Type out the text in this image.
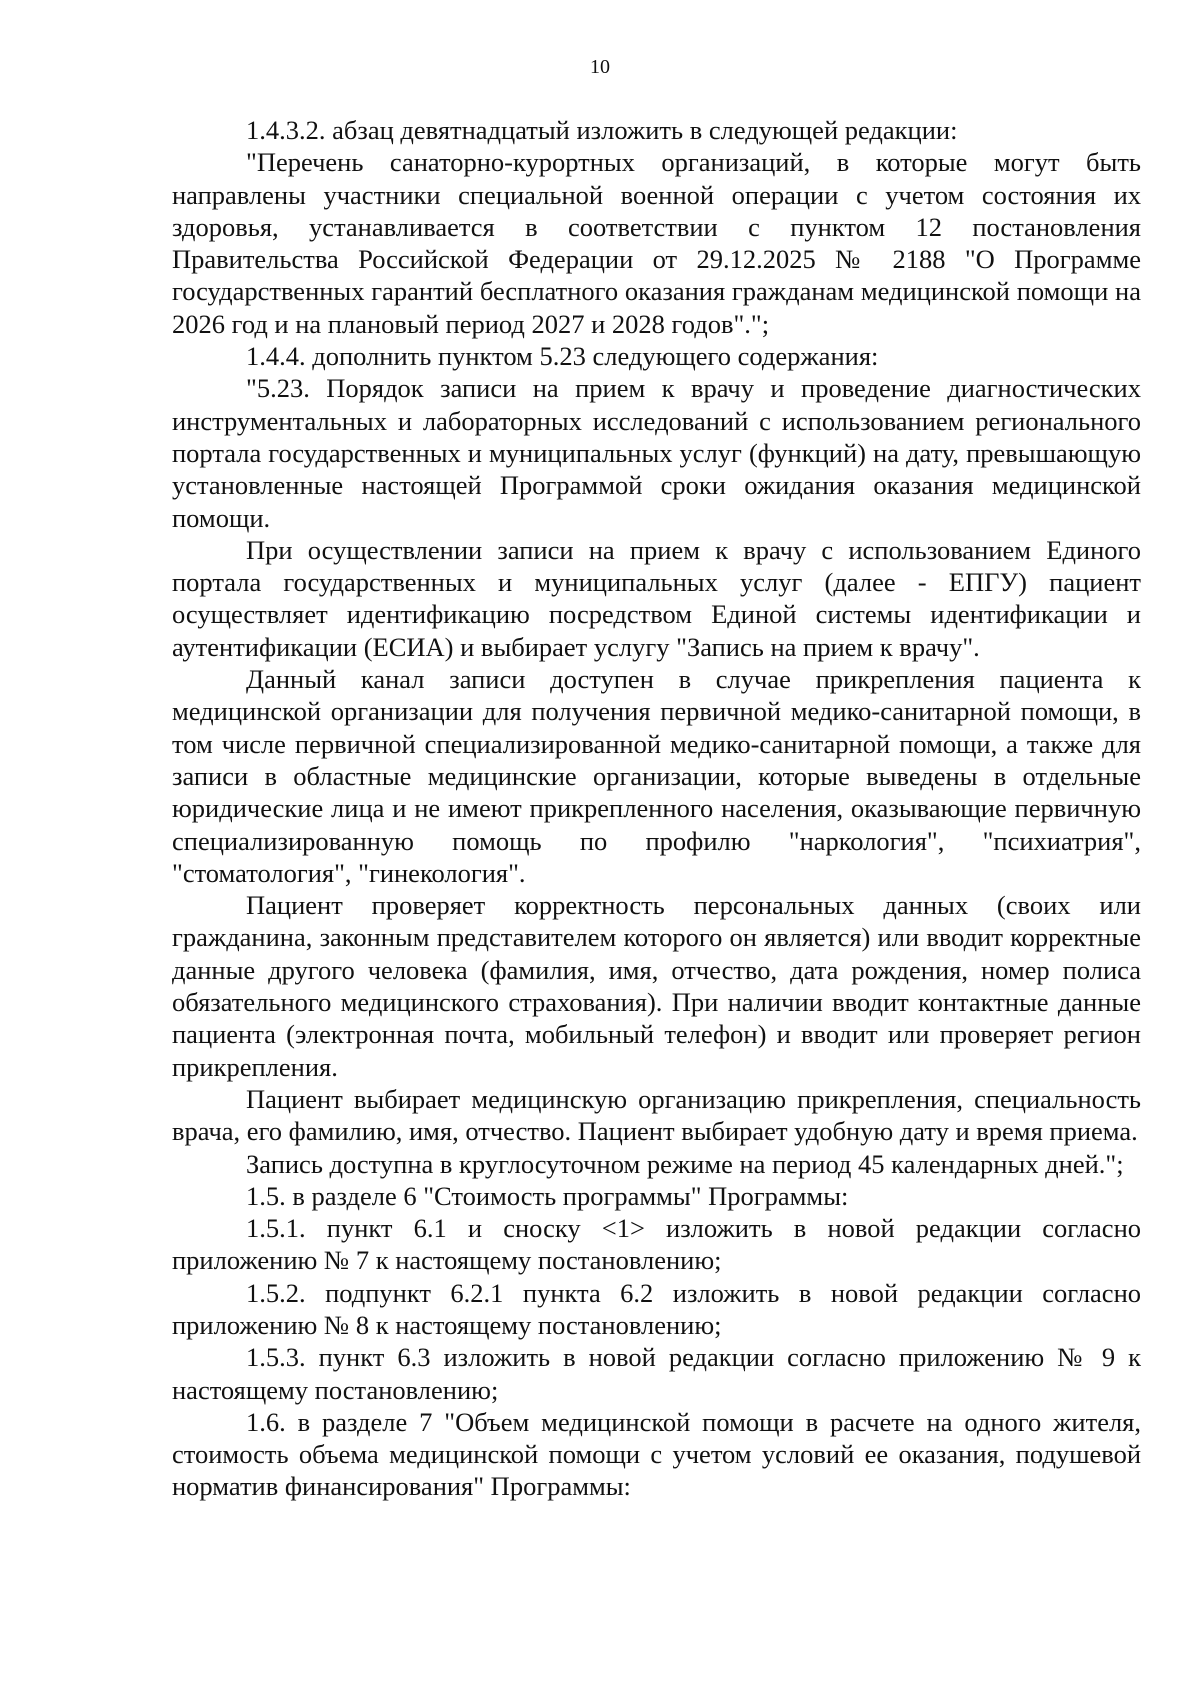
10

1.4.3.2. абзац девятнадцатый изложить в следующей редакции:

"Перечень санаторно-курортных организаций, в которые могут быть направлены участники специальной военной операции с учетом состояния их здоровья, устанавливается в соответствии с пунктом 12 постановления Правительства Российской Федерации от 29.12.2025 № 2188 "О Программе государственных гарантий бесплатного оказания гражданам медицинской помощи на 2026 год и на плановый период 2027 и 2028 годов".";

1.4.4. дополнить пунктом 5.23 следующего содержания:

"5.23. Порядок записи на прием к врачу и проведение диагностических инструментальных и лабораторных исследований с использованием регионального портала государственных и муниципальных услуг (функций) на дату, превышающую установленные настоящей Программой сроки ожидания оказания медицинской помощи.

При осуществлении записи на прием к врачу с использованием Единого портала государственных и муниципальных услуг (далее - ЕПГУ) пациент осуществляет идентификацию посредством Единой системы идентификации и аутентификации (ЕСИА) и выбирает услугу "Запись на прием к врачу".

Данный канал записи доступен в случае прикрепления пациента к медицинской организации для получения первичной медико-санитарной помощи, в том числе первичной специализированной медико-санитарной помощи, а также для записи в областные медицинские организации, которые выведены в отдельные юридические лица и не имеют прикрепленного населения, оказывающие первичную специализированную помощь по профилю "наркология", "психиатрия", "стоматология", "гинекология".

Пациент проверяет корректность персональных данных (своих или гражданина, законным представителем которого он является) или вводит корректные данные другого человека (фамилия, имя, отчество, дата рождения, номер полиса обязательного медицинского страхования). При наличии вводит контактные данные пациента (электронная почта, мобильный телефон) и вводит или проверяет регион прикрепления.

Пациент выбирает медицинскую организацию прикрепления, специальность врача, его фамилию, имя, отчество. Пациент выбирает удобную дату и время приема.

Запись доступна в круглосуточном режиме на период 45 календарных дней.";

1.5. в разделе 6 "Стоимость программы" Программы:

1.5.1. пункт 6.1 и сноску <1> изложить в новой редакции согласно приложению № 7 к настоящему постановлению;

1.5.2. подпункт 6.2.1 пункта 6.2 изложить в новой редакции согласно приложению № 8 к настоящему постановлению;

1.5.3. пункт 6.3 изложить в новой редакции согласно приложению № 9 к настоящему постановлению;

1.6. в разделе 7 "Объем медицинской помощи в расчете на одного жителя, стоимость объема медицинской помощи с учетом условий ее оказания, подушевой норматив финансирования" Программы:
